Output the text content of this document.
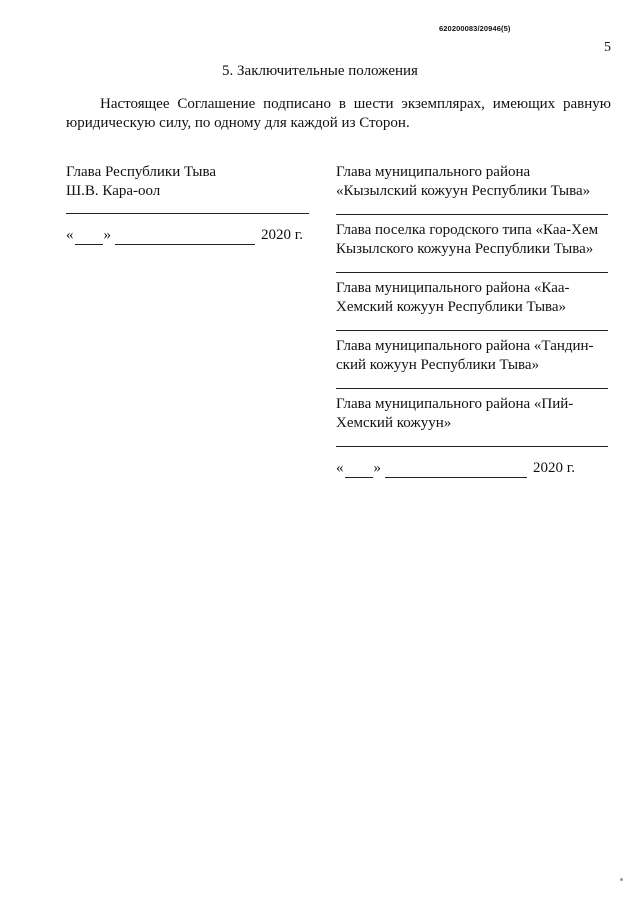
620200083/20946(5)
5
5. Заключительные положения
Настоящее Соглашение подписано в шести экземплярах, имеющих равную
юридическую силу, по одному для каждой из Сторон.
Глава Республики Тыва
Ш.В. Кара-оол
« »	2020 г.
Глава муниципального района
«Кызылский кожуун Республики Тыва»
Глава поселка городского типа «Каа-Хем
Кызылского кожууна Республики Тыва»
Глава муниципального района «Каа-
Хемский кожуун Республики Тыва»
Глава муниципального района «Тандин-
ский кожуун Республики Тыва»
Глава муниципального района «Пий-
Хемский кожуун»
« »	2020 г.
